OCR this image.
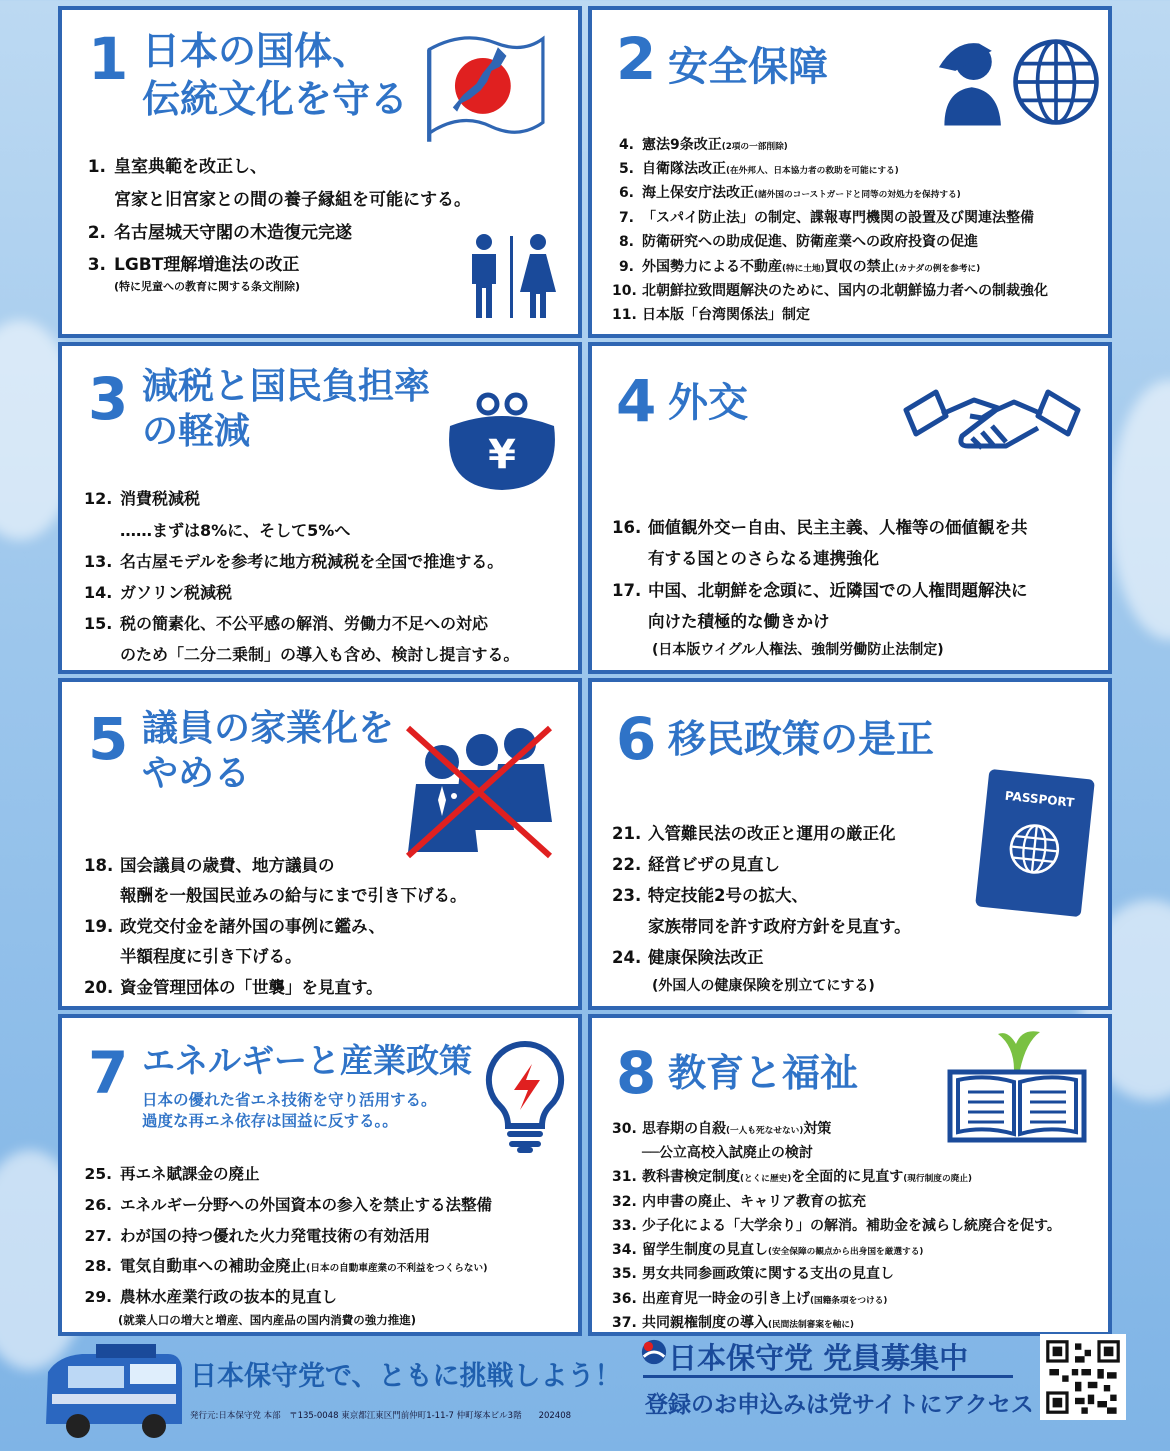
1 日本の国体、
伝統文化を守る
1. 皇室典範を改正し、
宮家と旧宮家との間の養子縁組を可能にする。
2. 名古屋城天守閣の木造復元完遂
3. LGBT理解増進法の改正
(特に児童への教育に関する条文削除)
2 安全保障
4. 憲法9条改正(2項の一部削除)
5. 自衛隊法改正(在外邦人、日本協力者の救助を可能にする)
6. 海上保安庁法改正(諸外国のコーストガードと同等の対処力を保持する)
7. 「スパイ防止法」の制定、諜報専門機関の設置及び関連法整備
8. 防衛研究への助成促進、防衛産業への政府投資の促進
9. 外国勢力による不動産(特に土地)買収の禁止(カナダの例を参考に)
10. 北朝鮮拉致問題解決のために、国内の北朝鮮協力者への制裁強化
11. 日本版「台湾関係法」制定
3 減税と国民負担率
の軽減
¥
12. 消費税減税
……まずは8%に、そして5%へ
13. 名古屋モデルを参考に地方税減税を全国で推進する。
14. ガソリン税減税
15. 税の簡素化、不公平感の解消、労働力不足への対応
のため「二分二乗制」の導入も含め、検討し提言する。
4 外交
16. 価値観外交ー自由、民主主義、人権等の価値観を共
有する国とのさらなる連携強化
17. 中国、北朝鮮を念頭に、近隣国での人権問題解決に
向けた積極的な働きかけ
(日本版ウイグル人権法、強制労働防止法制定)
5 議員の家業化を
やめる
18. 国会議員の歳費、地方議員の
報酬を一般国民並みの給与にまで引き下げる。
19. 政党交付金を諸外国の事例に鑑み、
半額程度に引き下げる。
20. 資金管理団体の「世襲」を見直す。
6 移民政策の是正
PASSPORT
21. 入管難民法の改正と運用の厳正化
22. 経営ビザの見直し
23. 特定技能2号の拡大、
家族帯同を許す政府方針を見直す。
24. 健康保険法改正
(外国人の健康保険を別立てにする)
7 エネルギーと産業政策
日本の優れた省エネ技術を守り活用する。
過度な再エネ依存は国益に反する。。
25. 再エネ賦課金の廃止
26. エネルギー分野への外国資本の参入を禁止する法整備
27. わが国の持つ優れた火力発電技術の有効活用
28. 電気自動車への補助金廃止(日本の自動車産業の不利益をつくらない)
29. 農林水産業行政の抜本的見直し
(就業人口の増大と増産、国内産品の国内消費の強力推進)
8 教育と福祉
30. 思春期の自殺(一人も死なせない)対策
──公立高校入試廃止の検討
31. 教科書検定制度(とくに歴史)を全面的に見直す(現行制度の廃止)
32. 内申書の廃止、キャリア教育の拡充
33. 少子化による「大学余り」の解消。補助金を減らし統廃合を促す。
34. 留学生制度の見直し(安全保障の観点から出身国を厳選する)
35. 男女共同参画政策に関する支出の見直し
36. 出産育児一時金の引き上げ(国籍条項をつける)
37. 共同親権制度の導入(民間法制審案を軸に)
日本保守党で、ともに挑戦しよう！
発行元:日本保守党 本部　〒135-0048 東京都江東区門前仲町1-11-7 仲町塚本ビル3階　　202408
日本保守党 党員募集中
登録のお申込みは党サイトにアクセス
